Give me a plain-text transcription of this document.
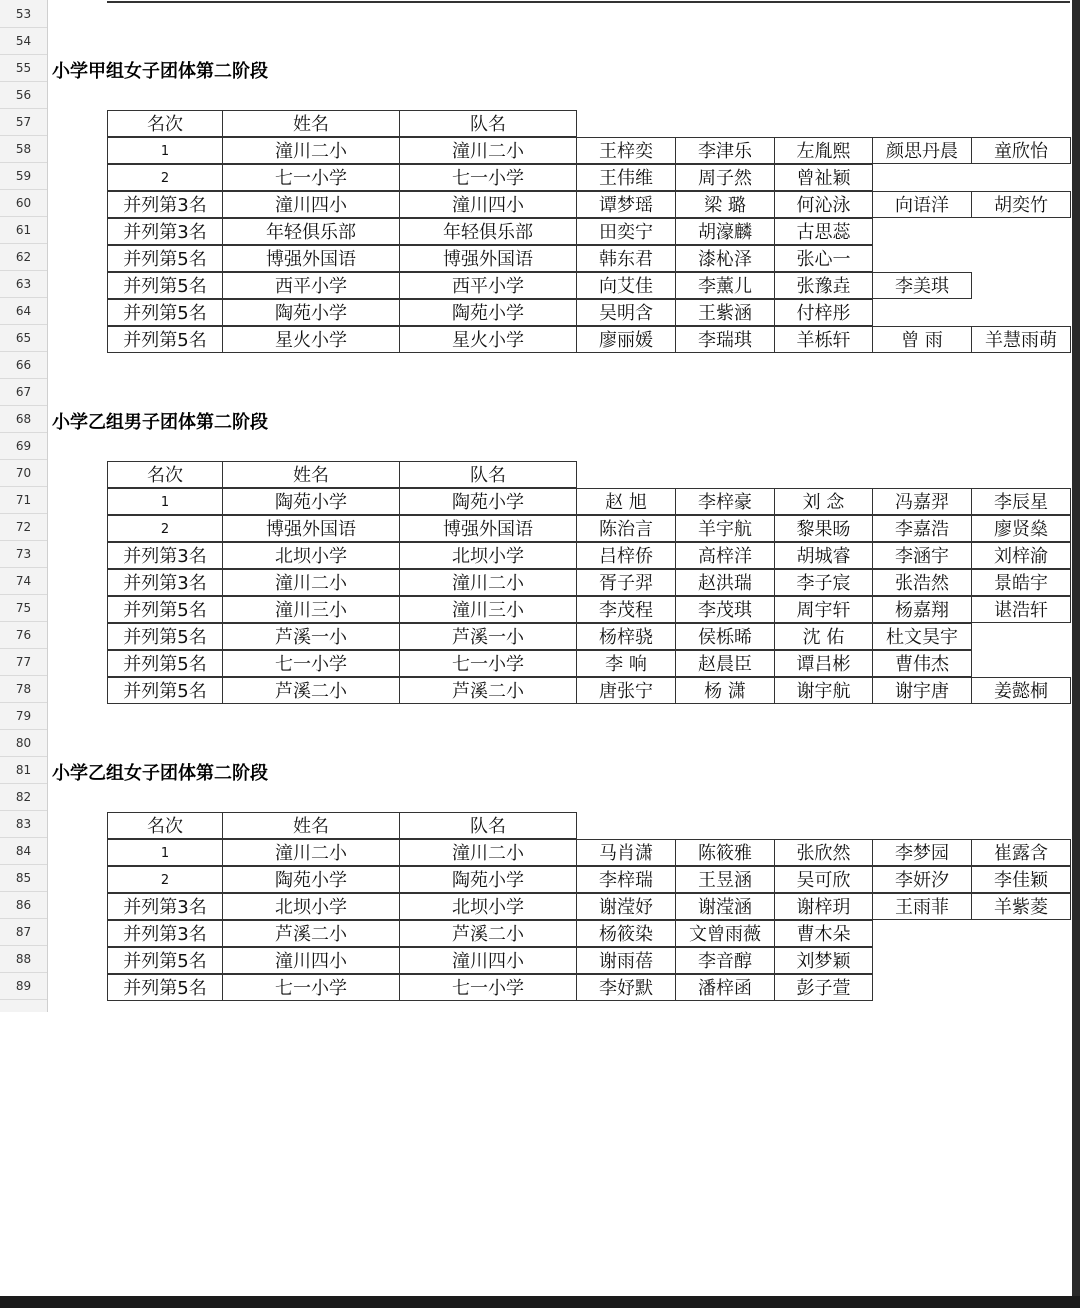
53
54
55
56
57
58
59
60
61
62
63
64
65
66
67
68
69
70
71
72
73
74
75
76
77
78
79
80
81
82
83
84
85
86
87
88
89
小学甲组女子团体第二阶段
名次	姓名	队名
1	潼川二小	潼川二小	王梓奕	李津乐	左胤熙	颜思丹晨	童欣怡
2	七一小学	七一小学	王伟维	周子然	曾祉颖
并列第3名	潼川四小	潼川四小	谭梦瑶	梁 璐	何沁泳	向语洋	胡奕竹
并列第3名	年轻俱乐部	年轻俱乐部	田奕宁	胡濠麟	古思蕊
并列第5名	博强外国语	博强外国语	韩东君	漆杺泽	张心一
并列第5名	西平小学	西平小学	向艾佳	李薰儿	张豫垚	李美琪
并列第5名	陶苑小学	陶苑小学	吴明含	王紫涵	付梓彤
并列第5名	星火小学	星火小学	廖丽媛	李瑞琪	羊栎轩	曾 雨	羊慧雨萌
小学乙组男子团体第二阶段
名次	姓名	队名
1	陶苑小学	陶苑小学	赵 旭	李梓豪	刘 念	冯嘉羿	李辰星
2	博强外国语	博强外国语	陈治言	羊宇航	黎果旸	李嘉浩	廖贤燊
并列第3名	北坝小学	北坝小学	吕梓侨	高梓洋	胡城睿	李涵宇	刘梓渝
并列第3名	潼川二小	潼川二小	胥子羿	赵洪瑞	李子宸	张浩然	景皓宇
并列第5名	潼川三小	潼川三小	李茂程	李茂琪	周宇轩	杨嘉翔	谌浩轩
并列第5名	芦溪一小	芦溪一小	杨梓骁	侯栎晞	沈 佑	杜文昊宇
并列第5名	七一小学	七一小学	李 响	赵晨臣	谭吕彬	曹伟杰
并列第5名	芦溪二小	芦溪二小	唐张宁	杨 潇	谢宇航	谢宇唐	姜懿桐
小学乙组女子团体第二阶段
名次	姓名	队名
1	潼川二小	潼川二小	马肖潇	陈筱雅	张欣然	李梦园	崔露含
2	陶苑小学	陶苑小学	李梓瑞	王昱涵	吴可欣	李妍汐	李佳颖
并列第3名	北坝小学	北坝小学	谢滢妤	谢滢涵	谢梓玥	王雨菲	羊紫菱
并列第3名	芦溪二小	芦溪二小	杨筱染	文曾雨薇	曹木朵
并列第5名	潼川四小	潼川四小	谢雨蓓	李音醇	刘梦颖
并列第5名	七一小学	七一小学	李妤默	潘梓函	彭子萱
